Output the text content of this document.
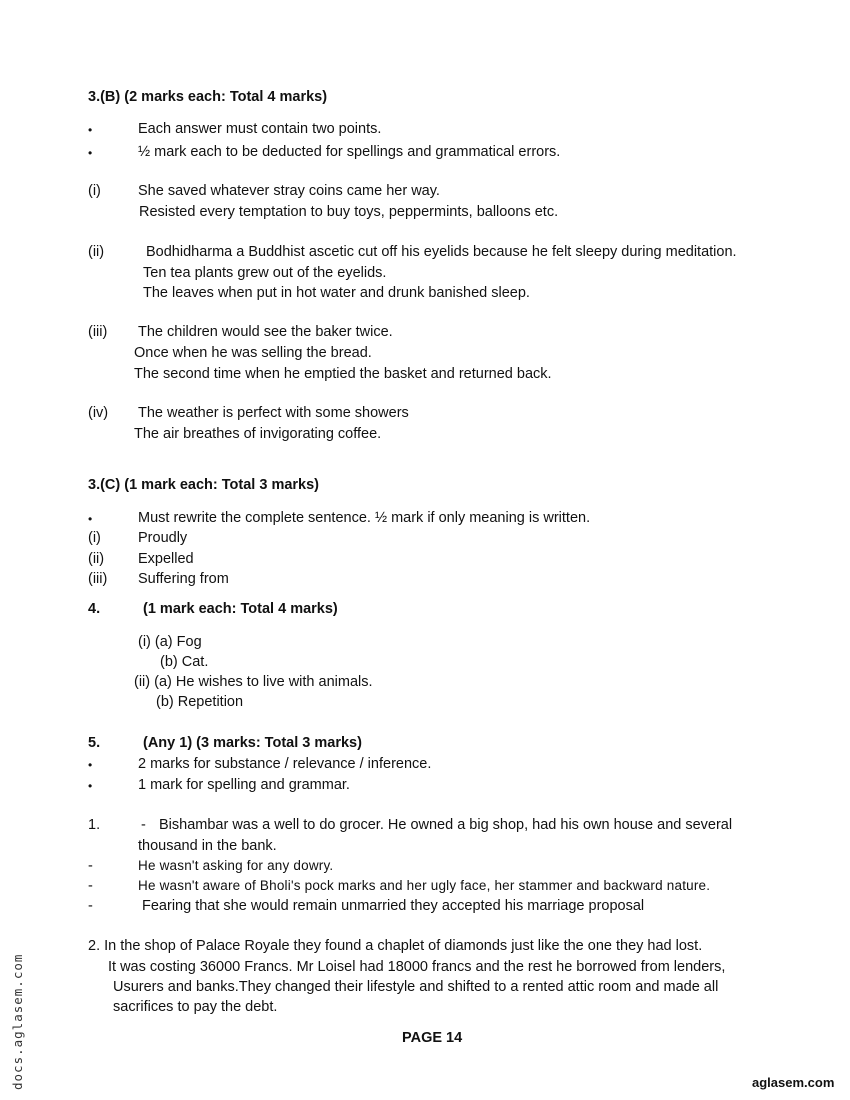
3.(B) (2 marks each: Total 4 marks)
•	Each answer must contain two points.
•	½ mark each to be deducted for spellings and grammatical errors.
(i)	She saved whatever stray coins came her way.
Resisted every temptation to buy toys, peppermints, balloons etc.
(ii)	Bodhidharma a Buddhist ascetic cut off his eyelids because he felt sleepy during meditation.
Ten tea plants grew out of the eyelids.
The leaves when put in hot water and drunk banished sleep.
(iii) The children would see the baker twice.
Once when he was selling the bread.
The second time when he emptied the basket and returned back.
(iv) The weather is perfect with some showers
The air breathes of invigorating coffee.
3.(C) (1 mark each: Total 3 marks)
•	Must rewrite the complete sentence. ½ mark if only meaning is written.
(i)	Proudly
(ii) Expelled
(iii) Suffering from
4.	(1 mark each: Total 4 marks)
(i) (a) Fog
(b) Cat.
(ii) (a) He wishes to live with animals.
(b) Repetition
5.	(Any 1) (3 marks: Total 3 marks)
•	2 marks for substance / relevance / inference.
•	1 mark for spelling and grammar.
1.	- Bishambar was a well to do grocer. He owned a big shop, had his own house and several
thousand in the bank.
-	He wasn't asking for any dowry.
-	He wasn't aware of Bholi's pock marks and her ugly face, her stammer and backward nature.
-	Fearing that she would remain unmarried they accepted his marriage proposal
2. In the shop of Palace Royale they found a chaplet of diamonds just like the one they had lost.
It was costing 36000 Francs. Mr Loisel had 18000 francs and the rest he borrowed from lenders,
Usurers and banks.They changed their lifestyle and shifted to a rented attic room and made all
sacrifices to pay the debt.
PAGE 14
aglasem.com
docs.aglasem.com
